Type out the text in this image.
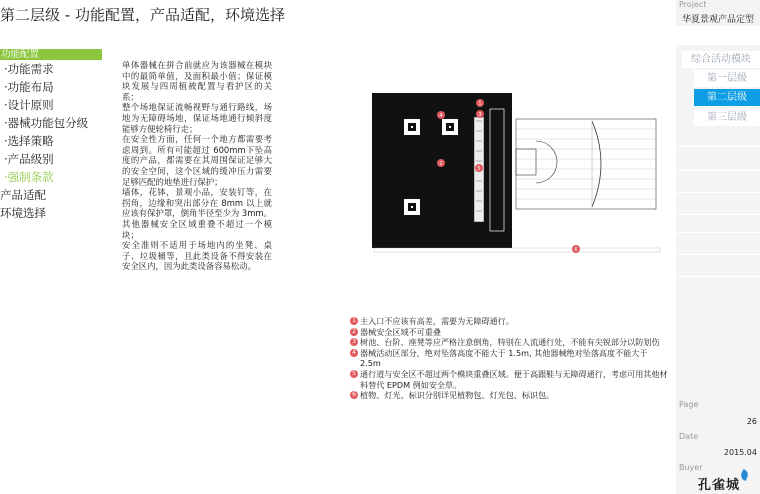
第二层级 - 功能配置，产品适配，环境选择
功能配置
·功能需求
·功能布局
·设计原则
·器械功能包分级
·选择策略
·产品级别
·强制条款
产品适配
环境选择

单体器械在拼合前就应为该器械在模块中的最简单值，及面积最小值；保证模块发展与四周植被配置与看护区的关系；

整个场地保证流畅视野与通行路线，场地为无障碍场地，保证场地通行倾斜度能够方便轮椅行走；

在安全性方面，任何一个地方都需要考虑周到。所有可能超过 600mm下坠高度的产品，都需要在其周围保证足够大的安全空间，这个区域的缓冲压力需要足够匹配的地垫进行保护；

墙体，花钵，景观小品，安装钉等，在拐角，边缘和突出部分在 8mm 以上就应该有保护罩，倒角半径至少为 3mm。

其他器械安全区域重叠不超过一个模块；

安全准则不适用于场地内的坐凳、桌子、垃圾桶等，且此类设备不得安装在安全区内，因为此类设备容易松动。

4
1
3
2
5
6
1 主入口不应该有高差，需要为无障碍通行。
2 器械安全区域不可重叠
3 树池、台阶、座凳等应严格注意倒角，特别在人流通行处，不能有尖锐部分以防划伤
4 器械活动区部分，绝对坠落高度不能大于 1.5m, 其他器械绝对坠落高度不能大于 2.5m
5 通行道与安全区不超过两个模块重叠区域。便于高跟鞋与无障碍通行，考虑可用其他材料替代 EPDM 例如安全草。
6 植物、灯光、标识分别详见植物包、灯光包、标识包。
Project
华夏景观产品定型
综合活动模块
第一层级
第二层级
第三层级
Page
26
Date
2015.04
Buyer
孔雀城
